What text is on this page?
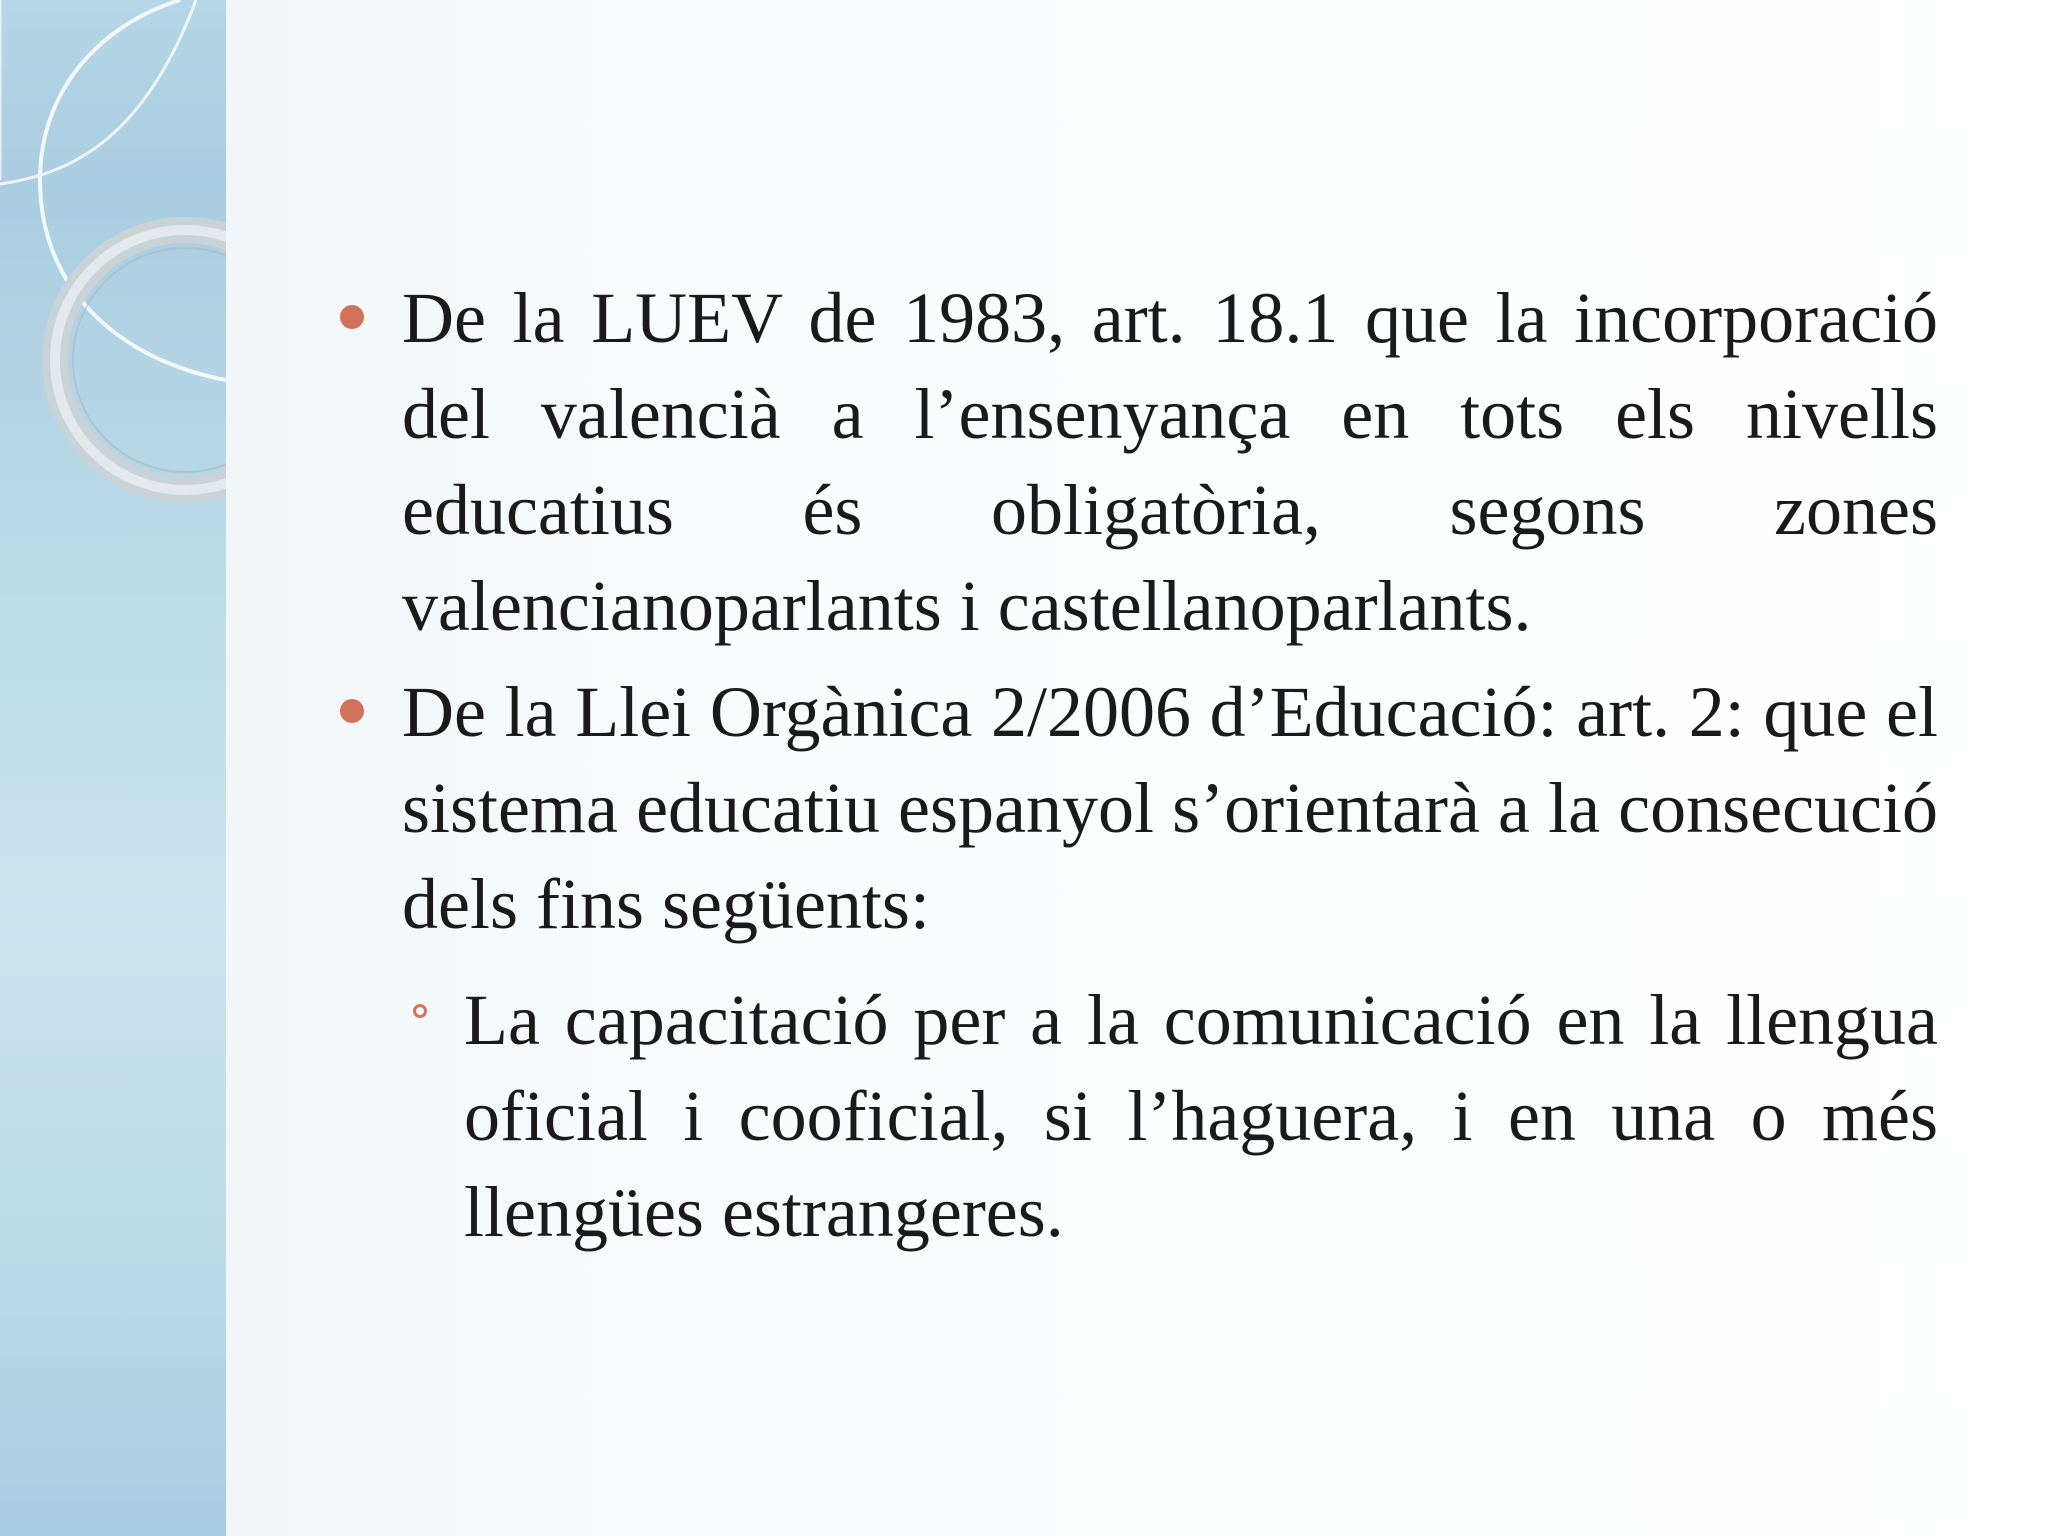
De la LUEV de 1983, art. 18.1 que la incorporació del valencià a l’ensenyança en tots els nivells educatius és obligatòria, segons zones valencianoparlants i castellanoparlants.
De la Llei Orgànica 2/2006 d’Educació: art. 2: que el sistema educatiu espanyol s’orientarà a la consecució dels fins següents:
La capacitació per a la comunicació en la llengua oficial i cooficial, si l’haguera, i en una o més llengües estrangeres.
